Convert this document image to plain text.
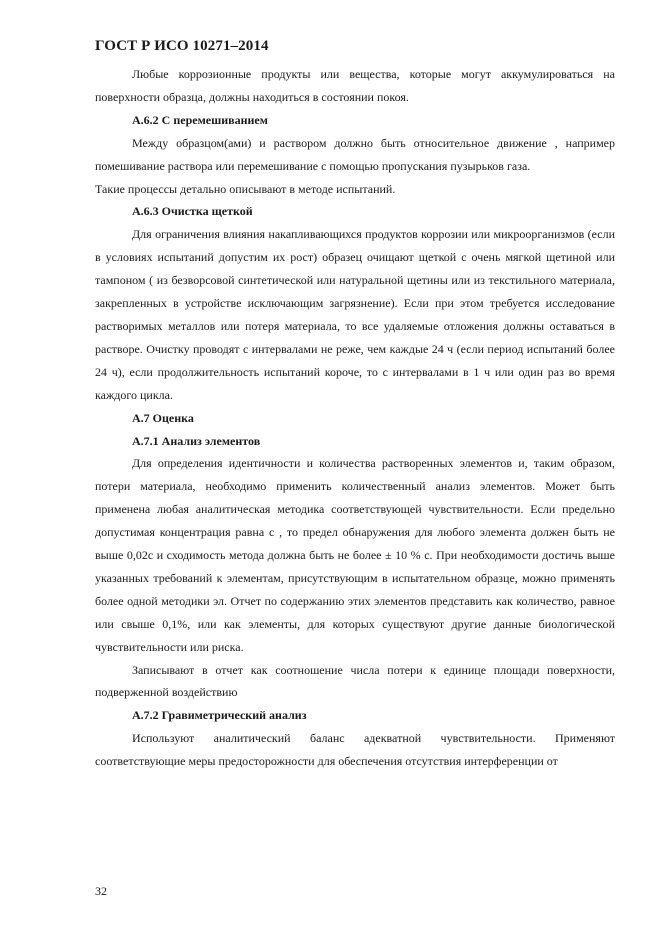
ГОСТ Р ИСО 10271–2014

Любые коррозионные продукты или вещества, которые могут аккумулироваться на поверхности образца, должны находиться в состоянии покоя.

А.6.2 С перемешиванием

Между образцом(ами) и раствором должно быть относительное движение , например помешивание раствора или перемешивание с помощью пропускания пузырьков газа.

Такие процессы детально описывают в методе испытаний.

А.6.3 Очистка щеткой

Для ограничения влияния накапливающихся продуктов коррозии или микроорганизмов (если в условиях испытаний допустим их рост) образец очищают щеткой с очень мягкой щетиной или тампоном ( из безворсовой синтетической или натуральной щетины или из текстильного материала, закрепленных в устройстве исключающим загрязнение). Если при этом требуется исследование растворимых металлов или потеря материала, то все удаляемые отложения должны оставаться в растворе. Очистку проводят с интервалами не реже, чем каждые 24 ч (если период испытаний более 24 ч), если продолжительность испытаний короче, то с интервалами в 1 ч или один раз во время каждого цикла.

А.7 Оценка

А.7.1 Анализ элементов

Для определения идентичности и количества растворенных элементов и, таким образом, потери материала, необходимо применить количественный анализ элементов. Может быть применена любая аналитическая методика соответствующей чувствительности. Если предельно допустимая концентрация равна c , то предел обнаружения для любого элемента должен быть не выше 0,02c и сходимость метода должна быть не более ± 10 % c. При необходимости достичь выше указанных требований к элементам, присутствующим в испытательном образце, можно применять более одной методики эл. Отчет по содержанию этих элементов представить как количество, равное или свыше 0,1%, или как элементы, для которых существуют другие данные биологической чувствительности или риска.

Записывают в отчет как соотношение числа потери к единице площади поверхности, подверженной воздействию

А.7.2 Гравиметрический анализ

Используют аналитический баланс адекватной чувствительности. Применяют соответствующие меры предосторожности для обеспечения отсутствия интерференции от

32
